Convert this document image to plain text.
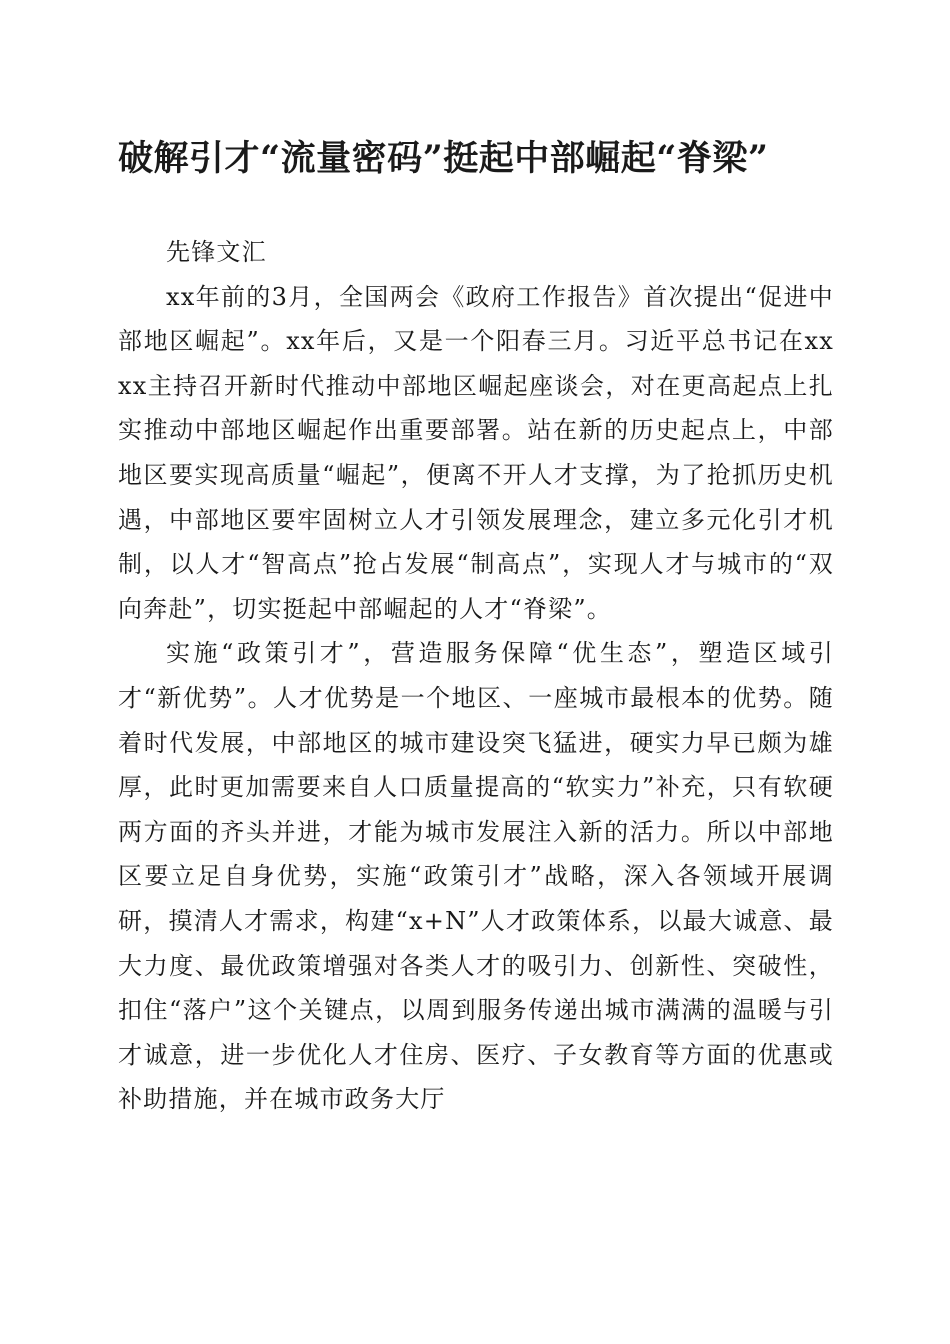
破解引才“流量密码”挺起中部崛起“脊梁”

先锋文汇

xx年前的3月，全国两会《政府工作报告》首次提出“促进中部地区崛起”。xx年后，又是一个阳春三月。习近平总书记在xxxx主持召开新时代推动中部地区崛起座谈会，对在更高起点上扎实推动中部地区崛起作出重要部署。站在新的历史起点上，中部地区要实现高质量“崛起”，便离不开人才支撑，为了抢抓历史机遇，中部地区要牢固树立人才引领发展理念，建立多元化引才机制，以人才“智高点”抢占发展“制高点”，实现人才与城市的“双向奔赴”，切实挺起中部崛起的人才“脊梁”。

实施“政策引才”，营造服务保障“优生态”，塑造区域引才“新优势”。人才优势是一个地区、一座城市最根本的优势。随着时代发展，中部地区的城市建设突飞猛进，硬实力早已颇为雄厚，此时更加需要来自人口质量提高的“软实力”补充，只有软硬两方面的齐头并进，才能为城市发展注入新的活力。所以中部地区要立足自身优势，实施“政策引才”战略，深入各领域开展调研，摸清人才需求，构建“x+N”人才政策体系，以最大诚意、最大力度、最优政策增强对各类人才的吸引力、创新性、突破性，扣住“落户”这个关键点，以周到服务传递出城市满满的温暖与引才诚意，进一步优化人才住房、医疗、子女教育等方面的优惠或补助措施，并在城市政务大厅
